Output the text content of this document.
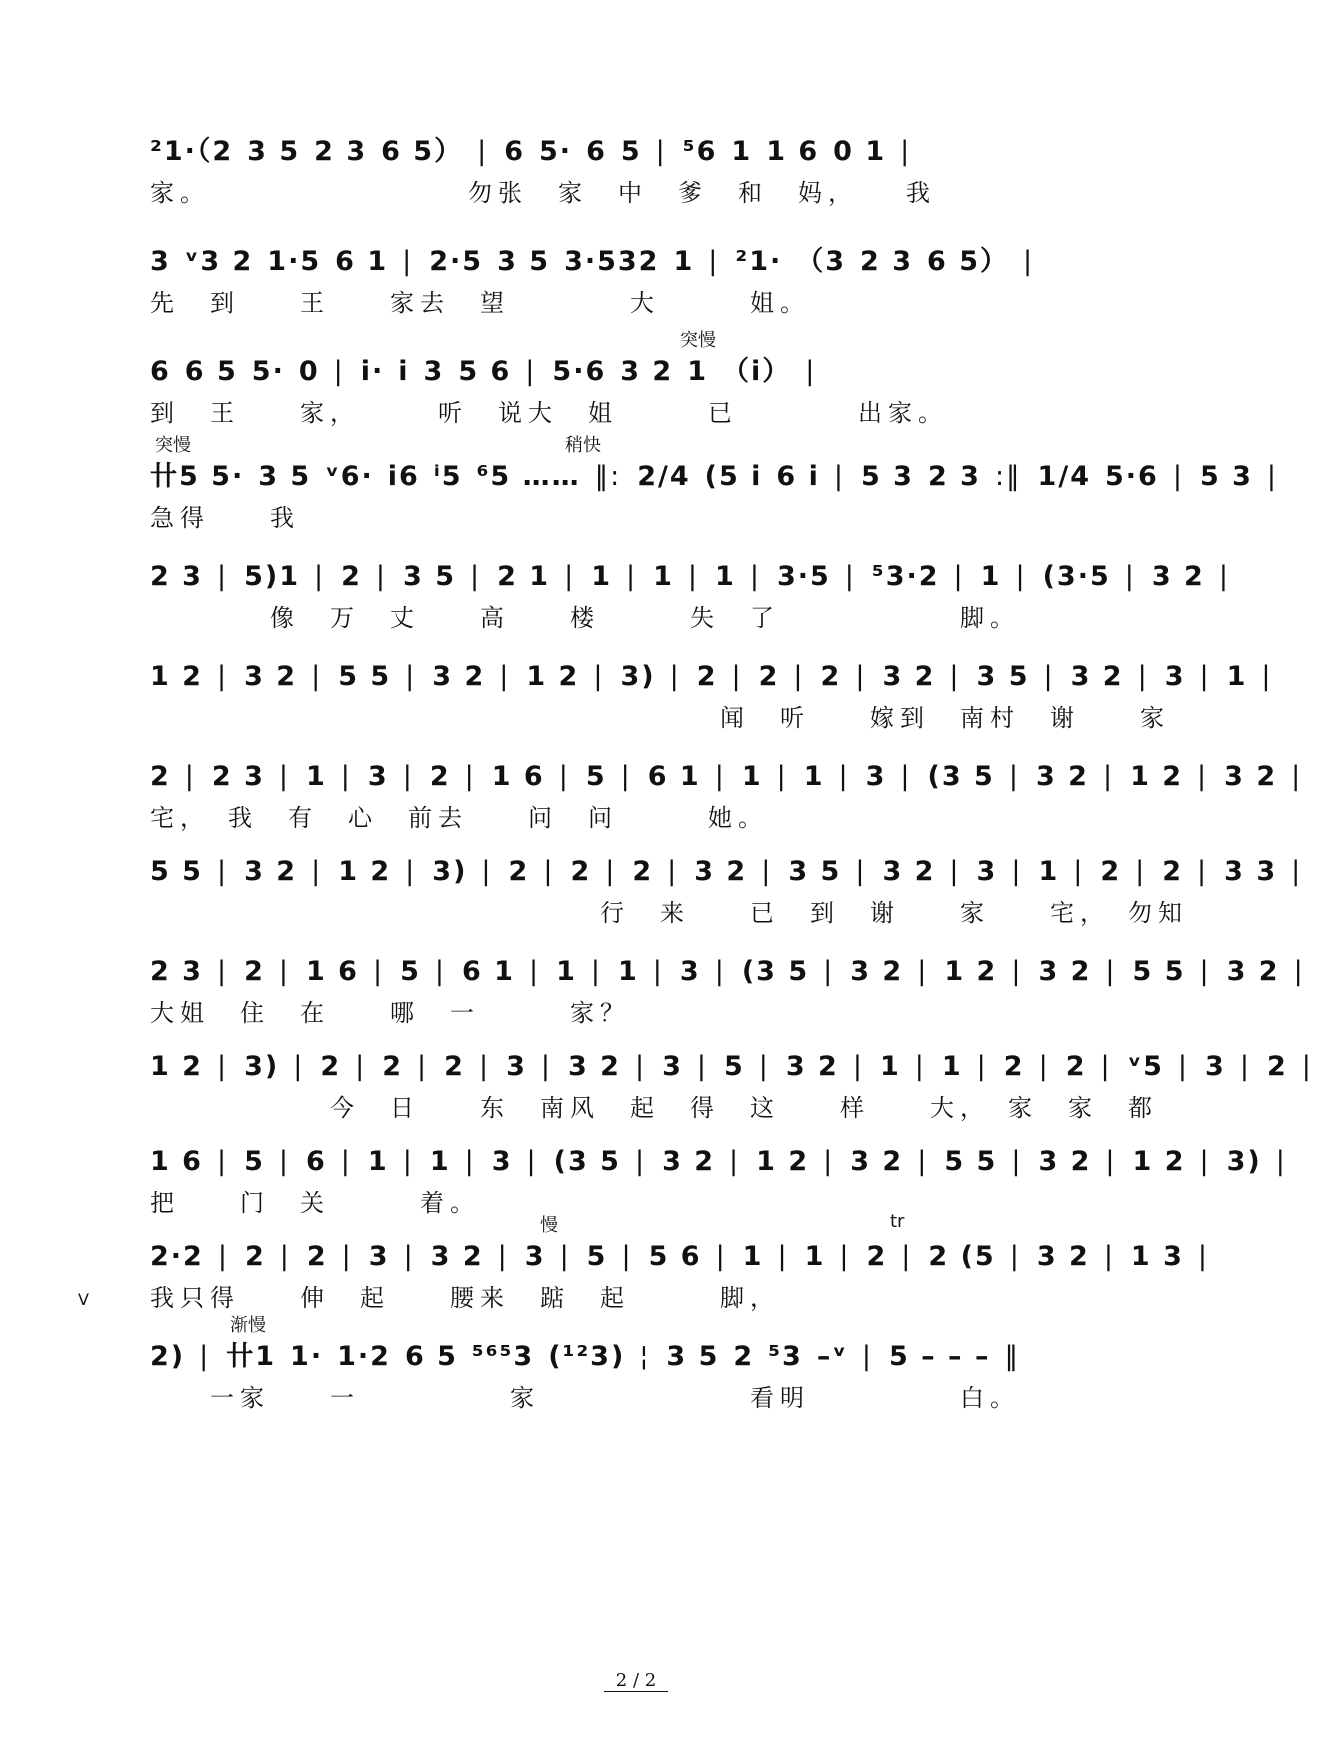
V
²1·（2 3 5 2 3 6 5） | 6 5· 6 5 | ⁵6 1 1 6 0 1 |
家。　　　　　　　　　勿张　家　中　爹　和　妈，　　我
3 ᵛ3 2 1·5 6 1 | 2·5 3 5 3·532 1 | ²1· （3 2 3 6 5） |
先　到　　王　　家去　望　　　　大　　　姐。
6 6 5 5· 0 | i· i 3 5 6 | 5·6 3 2 1 （i） |
突慢
到　王　　家，　　　听　说大　姐　　　已　　　　出家。
卄5 5· 3 5 ᵛ6· i6 ⁱ5 ⁶5 …… ‖: 2/4 (5 i 6 i | 5 3 2 3 :‖ 1/4 5·6 | 5 3 |
突慢	稍快
急得　　我
2 3 | 5)1 | 2 | 3 5 | 2 1 | 1 | 1 | 1 | 3·5 | ⁵3·2 | 1 | (3·5 | 3 2 |
　　　　像　万　丈　　高　　楼　　　失　了　　　　　　脚。
1 2 | 3 2 | 5 5 | 3 2 | 1 2 | 3) | 2 | 2 | 2 | 3 2 | 3 5 | 3 2 | 3 | 1 |
　　　　　　　　　　　　　　　　　　　闻　听　　嫁到　南村　谢　　家
2 | 2 3 | 1 | 3 | 2 | 1 6 | 5 | 6 1 | 1 | 1 | 3 | (3 5 | 3 2 | 1 2 | 3 2 |
宅，　我　有　心　前去　　问　问　　　她。
5 5 | 3 2 | 1 2 | 3) | 2 | 2 | 2 | 3 2 | 3 5 | 3 2 | 3 | 1 | 2 | 2 | 3 3 |
　　　　　　　　　　　　　　　行　来　　已　到　谢　　家　　宅，　勿知
2 3 | 2 | 1 6 | 5 | 6 1 | 1 | 1 | 3 | (3 5 | 3 2 | 1 2 | 3 2 | 5 5 | 3 2 |
大姐　住　在　　哪　一　　　家？
1 2 | 3) | 2 | 2 | 2 | 3 | 3 2 | 3 | 5 | 3 2 | 1 | 1 | 2 | 2 | ᵛ5 | 3 | 2 |
　　　　　　今　日　　东　南风　起　得　这　　样　　大，　家　家　都
1 6 | 5 | 6 | 1 | 1 | 3 | (3 5 | 3 2 | 1 2 | 3 2 | 5 5 | 3 2 | 1 2 | 3) |
把　　门　关　　　着。
2·2 | 2 | 2 | 3 | 3 2 | 3 | 5 | 5 6 | 1 | 1 | 2 | 2 (5 | 3 2 | 1 3 |
慢	tr
我只得　　伸　起　　腰来　踮　起　　　脚，
2) | 卄1 1· 1·2 6 5 ⁵⁶⁵3 (¹²3) ¦ 3 5 2 ⁵3 –ᵛ | 5 – – – ‖
渐慢
　　一家　　一　　　　　家　　　　　　　看明　　　　　白。
2 / 2
